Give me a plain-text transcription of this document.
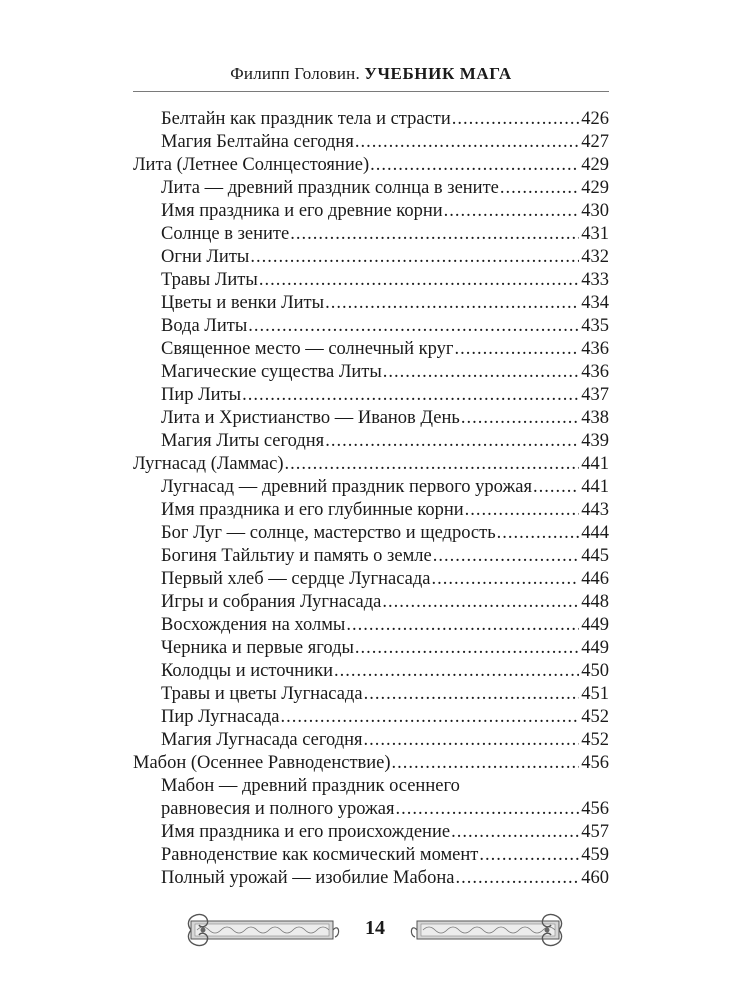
Филипп Головин. УЧЕБНИК МАГА
Белтайн как праздник тела и страсти .....	426
Магия Белтайна сегодня .....	427
Лита (Летнее Солнцестояние) .....	429
Лита — древний праздник солнца в зените .....	429
Имя праздника и его древние корни .....	430
Солнце в зените .....	431
Огни Литы .....	432
Травы Литы .....	433
Цветы и венки Литы .....	434
Вода Литы .....	435
Священное место — солнечный круг .....	436
Магические существа Литы .....	436
Пир Литы .....	437
Лита и Христианство — Иванов День .....	438
Магия Литы сегодня .....	439
Лугнасад (Ламмас) .....	441
Лугнасад — древний праздник первого урожая .....	441
Имя праздника и его глубинные корни .....	443
Бог Луг — солнце, мастерство и щедрость .....	444
Богиня Тайльтиу и память о земле .....	445
Первый хлеб — сердце Лугнасада .....	446
Игры и собрания Лугнасада .....	448
Восхождения на холмы .....	449
Черника и первые ягоды .....	449
Колодцы и источники .....	450
Травы и цветы Лугнасада .....	451
Пир Лугнасада .....	452
Магия Лугнасада сегодня .....	452
Мабон (Осеннее Равноденствие) .....	456
Мабон — древний праздник осеннего
равновесия и полного урожая .....	456
Имя праздника и его происхождение .....	457
Равноденствие как космический момент .....	459
Полный урожай — изобилие Мабона .....	460
14
